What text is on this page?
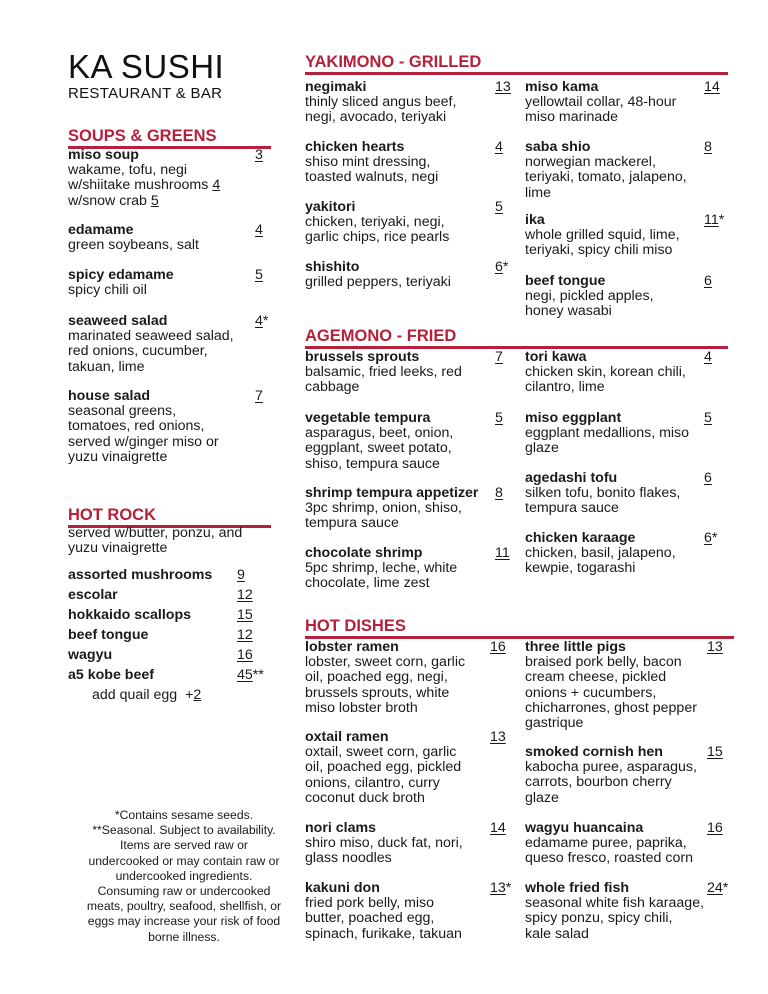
KA SUSHI
RESTAURANT & BAR
SOUPS & GREENS
miso soup
wakame, tofu, negi
w/shiitake mushrooms 4
w/snow crab 5
3
edamame
green soybeans, salt
4
spicy edamame
spicy chili oil
5
seaweed salad
marinated seaweed salad,
red onions, cucumber,
takuan, lime
4*
house salad
seasonal greens,
tomatoes, red onions,
served w/ginger miso or
yuzu vinaigrette
7
HOT ROCK
served w/butter, ponzu, and
yuzu vinaigrette
assorted mushrooms 9
escolar	12
hokkaido scallops	15
beef tongue	12
wagyu	16
a5 kobe beef	45**
add quail egg +2
*Contains sesame seeds.
**Seasonal. Subject to availability.
Items are served raw or
undercooked or may contain raw or
undercooked ingredients.
Consuming raw or undercooked
meats, poultry, seafood, shellfish, or
eggs may increase your risk of food
borne illness.
YAKIMONO - GRILLED
negimaki
thinly sliced angus beef,
negi, avocado, teriyaki
13
chicken hearts
shiso mint dressing,
toasted walnuts, negi
4
yakitori
chicken, teriyaki, negi,
garlic chips, rice pearls
5
shishito
grilled peppers, teriyaki
6*
miso kama
yellowtail collar, 48-hour
miso marinade
14
saba shio
norwegian mackerel,
teriyaki, tomato, jalapeno,
lime
8
ika
whole grilled squid, lime,
teriyaki, spicy chili miso
11*
beef tongue
negi, pickled apples,
honey wasabi
6
AGEMONO - FRIED
brussels sprouts
balsamic, fried leeks, red
cabbage
7
vegetable tempura
asparagus, beet, onion,
eggplant, sweet potato,
shiso, tempura sauce
5
shrimp tempura appetizer
3pc shrimp, onion, shiso,
tempura sauce
8
chocolate shrimp
5pc shrimp, leche, white
chocolate, lime zest
11
tori kawa
chicken skin, korean chili,
cilantro, lime
4
miso eggplant
eggplant medallions, miso
glaze
5
agedashi tofu
silken tofu, bonito flakes,
tempura sauce
6
chicken karaage
chicken, basil, jalapeno,
kewpie, togarashi
6*
HOT DISHES
lobster ramen
lobster, sweet corn, garlic
oil, poached egg, negi,
brussels sprouts, white
miso lobster broth
16
oxtail ramen
oxtail, sweet corn, garlic
oil, poached egg, pickled
onions, cilantro, curry
coconut duck broth
13
nori clams
shiro miso, duck fat, nori,
glass noodles
14
kakuni don
fried pork belly, miso
butter, poached egg,
spinach, furikake, takuan
13*
three little pigs
braised pork belly, bacon
cream cheese, pickled
onions + cucumbers,
chicharrones, ghost pepper
gastrique
13
smoked cornish hen
kabocha puree, asparagus,
carrots, bourbon cherry
glaze
15
wagyu huancaina
edamame puree, paprika,
queso fresco, roasted corn
16
whole fried fish
seasonal white fish karaage,
spicy ponzu, spicy chili,
kale salad
24*
